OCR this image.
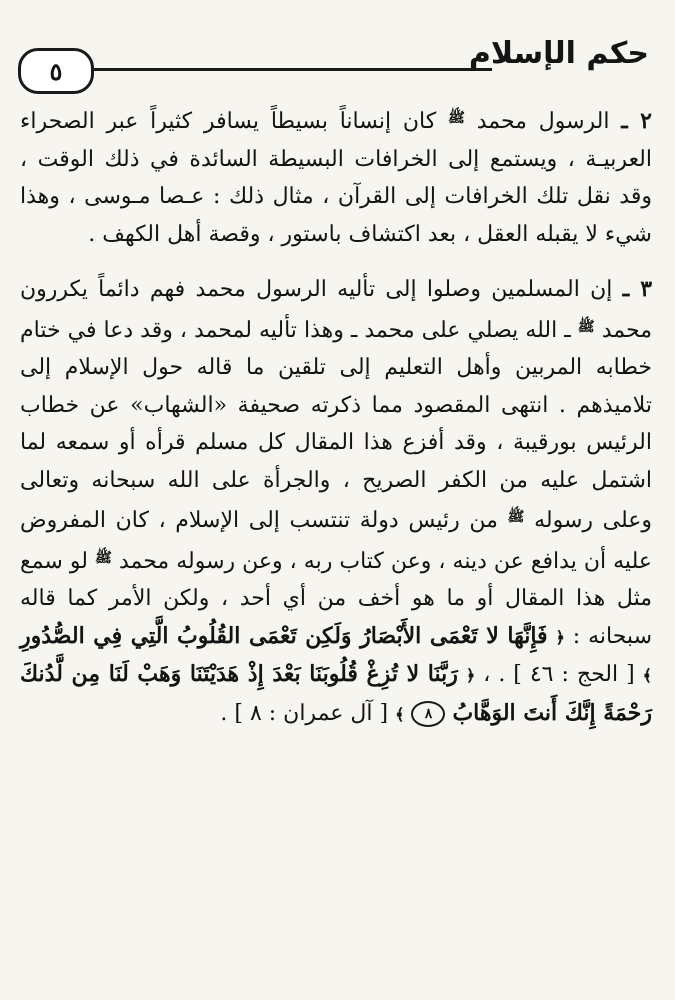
٥	حكم الإسلام

٢ ـ الرسول محمد $^ﷺ$ كان إنساناً بسيطاً يسافر كثيراً عبر الصحراء العربيـة ، ويستمع إلى الخرافات البسيطة السائدة في ذلك الوقت ، وقد نقل تلك الخرافات إلى القرآن ، مثال ذلك : عـصا مـوسى ، وهذا شيء لا يقبله العقل ، بعد اكتشاف باستور ، وقصة أهل الكهف .

٣ ـ إن المسلمين وصلوا إلى تأليه الرسول محمد فهم دائماً يكررون محمد $^ﷺ$ ـ الله يصلي على محمد ـ وهذا تأليه لمحمد ، وقد دعا في ختام خطابه المربين وأهل التعليم إلى تلقين ما قاله حول الإسلام إلى تلاميذهم . انتهى المقصود مما ذكرته صحيفة «الشهاب» عن خطاب الرئيس بورقيبة ، وقد أفزع هذا المقال كل مسلم قرأه أو سمعه لما اشتمل عليه من الكفر الصريح ، والجرأة على الله سبحانه وتعالى وعلى رسوله $^ﷺ$ من رئيس دولة تنتسب إلى الإسلام ، كان المفروض عليه أن يدافع عن دينه ، وعن كتاب ربه ، وعن رسوله محمد $^ﷺ$ لو سمع مثل هذا المقال أو ما هو أخف من أي أحد ، ولكن الأمر كما قاله سبحانه : ﴿ فَإِنَّهَا لا تَعْمَى الأَبْصَارُ وَلَكِن تَعْمَى القُلُوبُ الَّتِي فِي الصُّدُورِ ﴾ [ الحج : ٤٦ ] . ، ﴿ رَبَّنَا لا تُزِغْ قُلُوبَنَا بَعْدَ إِذْ هَدَيْتَنَا وَهَبْ لَنَا مِن لَّدُنكَ رَحْمَةً إِنَّكَ أَنتَ الوَهَّابُ ٨ ﴾ [ آل عمران : ٨ ] .
